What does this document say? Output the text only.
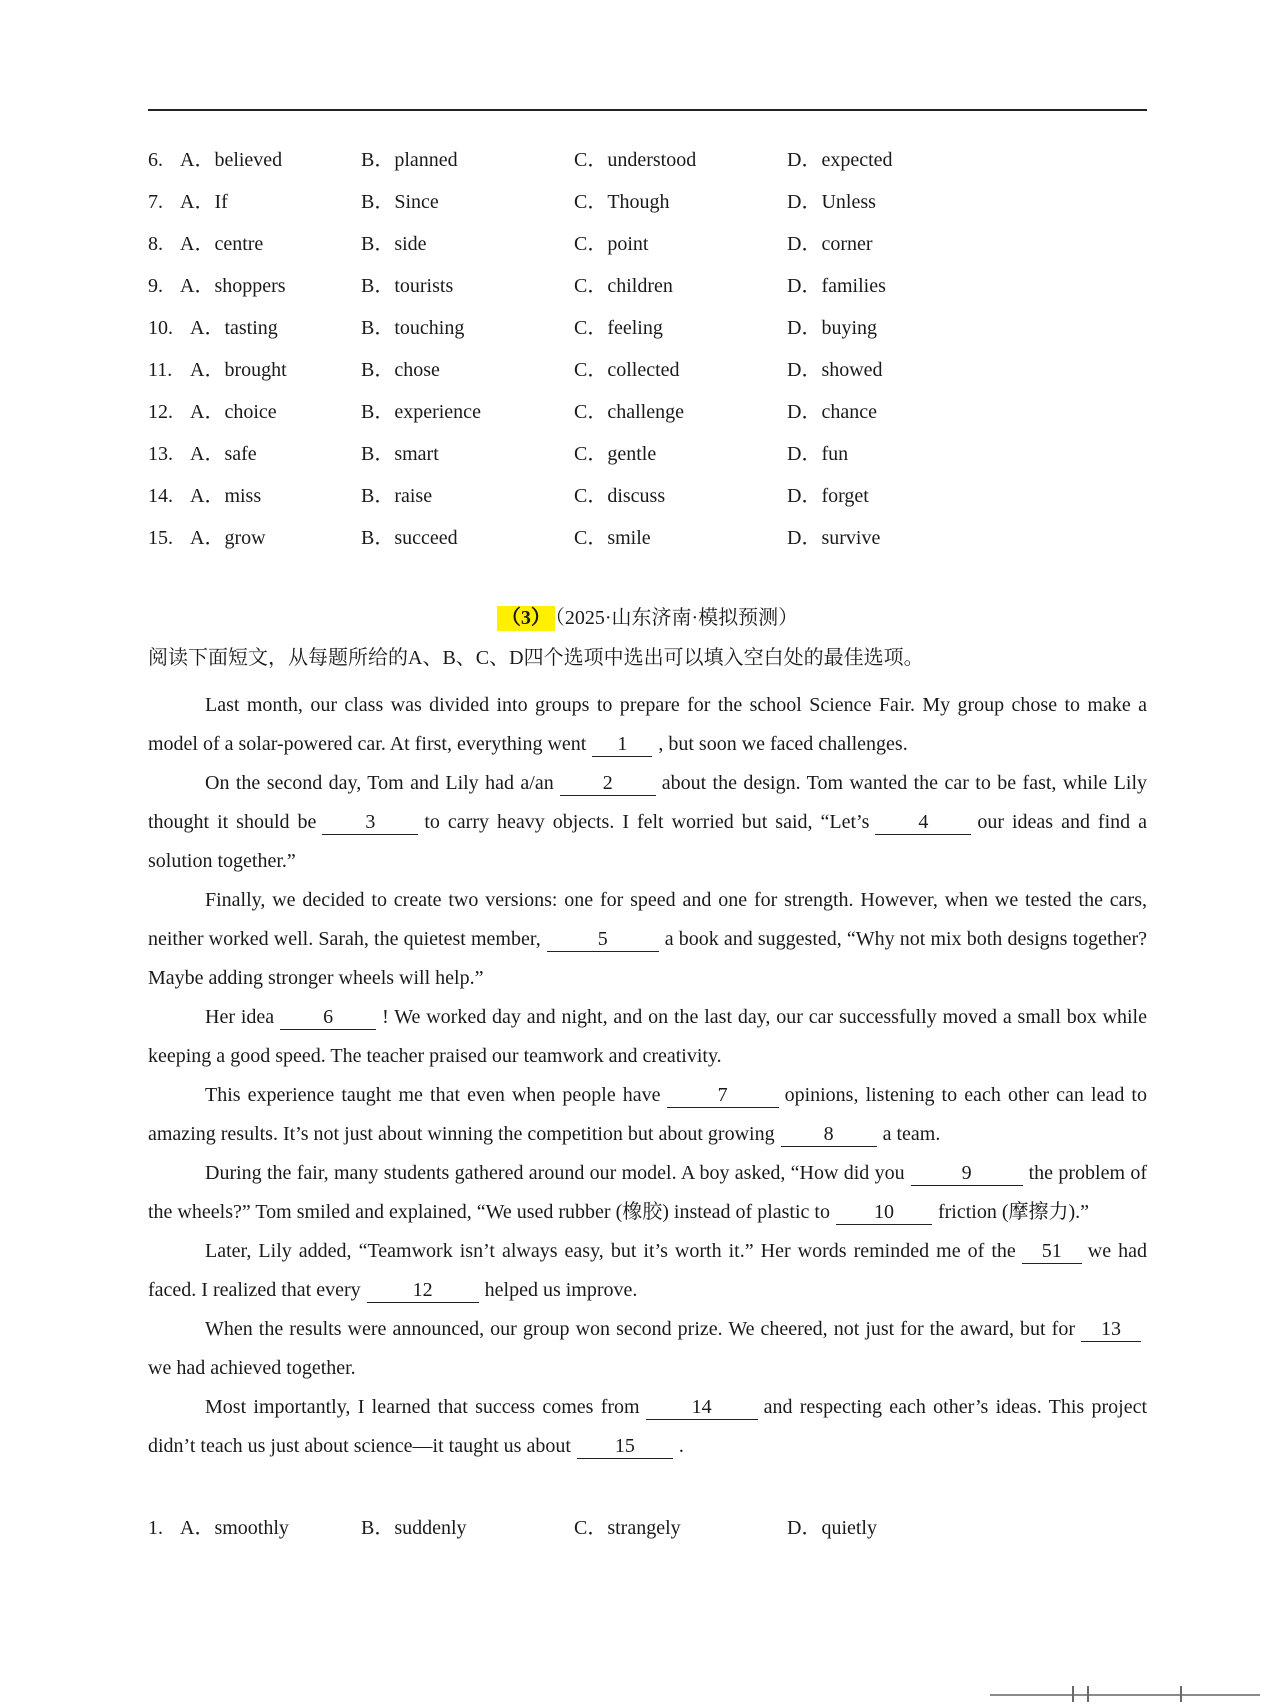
6. A．believed	B．planned	C．understood	D．expected
7. A．If	B．Since	C．Though	D．Unless
8. A．centre	B．side	C．point	D．corner
9. A．shoppers	B．tourists	C．children	D．families
10. A．tasting	B．touching	C．feeling	D．buying
11. A．brought	B．chose	C．collected	D．showed
12. A．choice	B．experience	C．challenge	D．chance
13. A．safe	B．smart	C．gentle	D．fun
14. A．miss	B．raise	C．discuss	D．forget
15. A．grow	B．succeed	C．smile	D．survive
（3） （2025·山东济南·模拟预测）
阅读下面短文，从每题所给的A、B、C、D四个选项中选出可以填入空白处的最佳选项。

Last month, our class was divided into groups to prepare for the school Science Fair. My group chose to make a model of a solar-powered car. At first, everything went 1 , but soon we faced challenges.

On the second day, Tom and Lily had a/an 2 about the design. Tom wanted the car to be fast, while Lily thought it should be 3 to carry heavy objects. I felt worried but said, “Let’s 4 our ideas and find a solution together.”

Finally, we decided to create two versions: one for speed and one for strength. However, when we tested the cars, neither worked well. Sarah, the quietest member,	5	a book and suggested, “Why not mix both designs together? Maybe adding stronger wheels will help.”

Her idea 6 ! We worked day and night, and on the last day, our car successfully moved a small box while keeping a good speed. The teacher praised our teamwork and creativity.

This experience taught me that even when people have	7	opinions, listening to each other can lead to amazing results. It’s not just about winning the competition but about growing 8 a team.

During the fair, many students gathered around our model. A boy asked, “How did you	9	the problem of the wheels?” Tom smiled and explained, “We used rubber (橡胶) instead of plastic to 10 friction (摩擦力).”

Later, Lily added, “Teamwork isn’t always easy, but it’s worth it.” Her words reminded me of the 51 we had faced. I realized that every	12	helped us improve.

When the results were announced, our group won second prize. We cheered, not just for the award, but for 13we had achieved together.

Most importantly, I learned that success comes from	14	and respecting each other’s ideas. This project didn’t teach us just about science—it taught us about 15 .

1. A．smoothly	B．suddenly	C．strangely	D．quietly
